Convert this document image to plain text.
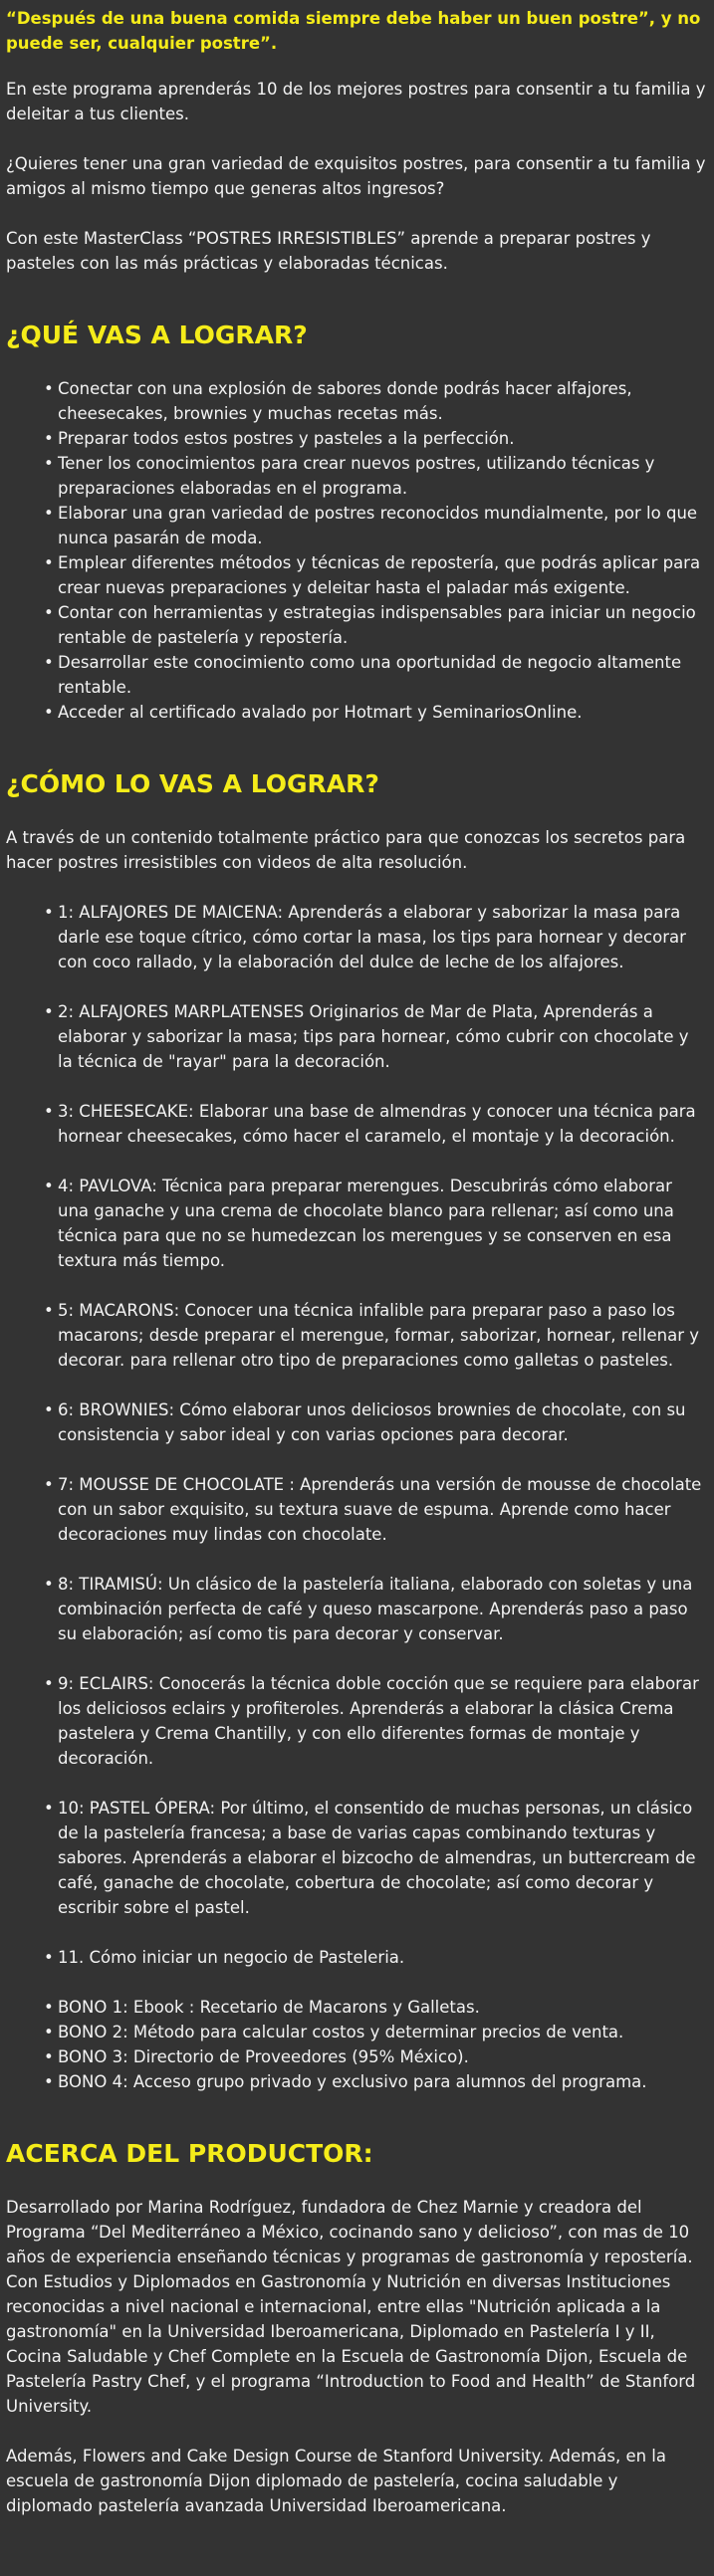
“Después de una buena comida siempre debe haber un buen postre”, y no puede ser, cualquier postre”.

En este programa aprenderás 10 de los mejores postres para consentir a tu familia y deleitar a tus clientes.

¿Quieres tener una gran variedad de exquisitos postres, para consentir a tu familia y amigos al mismo tiempo que generas altos ingresos?

Con este MasterClass “POSTRES IRRESISTIBLES” aprende a preparar postres y pasteles con las más prácticas y elaboradas técnicas.

¿QUÉ VAS A LOGRAR?
• Conectar con una explosión de sabores donde podrás hacer alfajores, cheesecakes, brownies y muchas recetas más.
• Preparar todos estos postres y pasteles a la perfección.
• Tener los conocimientos para crear nuevos postres, utilizando técnicas y preparaciones elaboradas en el programa.
• Elaborar una gran variedad de postres reconocidos mundialmente, por lo que nunca pasarán de moda.
• Emplear diferentes métodos y técnicas de repostería, que podrás aplicar para crear nuevas preparaciones y deleitar hasta el paladar más exigente.
• Contar con herramientas y estrategias indispensables para iniciar un negocio rentable de pastelería y repostería.
• Desarrollar este conocimiento como una oportunidad de negocio altamente rentable.
• Acceder al certificado avalado por Hotmart y SeminariosOnline.
¿CÓMO LO VAS A LOGRAR?

A través de un contenido totalmente práctico para que conozcas los secretos para hacer postres irresistibles con videos de alta resolución.

• 1: ALFAJORES DE MAICENA: Aprenderás a elaborar y saborizar la masa para darle ese toque cítrico, cómo cortar la masa, los tips para hornear y decorar con coco rallado, y la elaboración del dulce de leche de los alfajores.
• 2: ALFAJORES MARPLATENSES Originarios de Mar de Plata, Aprenderás a elaborar y saborizar la masa; tips para hornear, cómo cubrir con chocolate y la técnica de "rayar" para la decoración.
• 3: CHEESECAKE: Elaborar una base de almendras y conocer una técnica para hornear cheesecakes, cómo hacer el caramelo, el montaje y la decoración.
• 4: PAVLOVA: Técnica para preparar merengues. Descubrirás cómo elaborar una ganache y una crema de chocolate blanco para rellenar; así como una técnica para que no se humedezcan los merengues y se conserven en esa textura más tiempo.
• 5: MACARONS: Conocer una técnica infalible para preparar paso a paso los macarons; desde preparar el merengue, formar, saborizar, hornear, rellenar y decorar. para rellenar otro tipo de preparaciones como galletas o pasteles.
• 6: BROWNIES: Cómo elaborar unos deliciosos brownies de chocolate, con su consistencia y sabor ideal y con varias opciones para decorar.
• 7: MOUSSE DE CHOCOLATE : Aprenderás una versión de mousse de chocolate con un sabor exquisito, su textura suave de espuma. Aprende como hacer decoraciones muy lindas con chocolate.
• 8: TIRAMISÚ: Un clásico de la pastelería italiana, elaborado con soletas y una combinación perfecta de café y queso mascarpone. Aprenderás paso a paso su elaboración; así como tis para decorar y conservar.
• 9: ECLAIRS: Conocerás la técnica doble cocción que se requiere para elaborar los deliciosos eclairs y profiteroles. Aprenderás a elaborar la clásica Crema pastelera y Crema Chantilly, y con ello diferentes formas de montaje y decoración.
• 10: PASTEL ÓPERA: Por último, el consentido de muchas personas, un clásico de la pastelería francesa; a base de varias capas combinando texturas y sabores. Aprenderás a elaborar el bizcocho de almendras, un buttercream de café, ganache de chocolate, cobertura de chocolate; así como decorar y escribir sobre el pastel.
• 11. Cómo iniciar un negocio de Pasteleria.
• BONO 1: Ebook : Recetario de Macarons y Galletas.
• BONO 2: Método para calcular costos y determinar precios de venta.
• BONO 3: Directorio de Proveedores (95% México).
• BONO 4: Acceso grupo privado y exclusivo para alumnos del programa.
ACERCA DEL PRODUCTOR:

Desarrollado por Marina Rodríguez, fundadora de Chez Marnie y creadora del Programa “Del Mediterráneo a México, cocinando sano y delicioso”, con mas de 10 años de experiencia enseñando técnicas y programas de gastronomía y repostería. Con Estudios y Diplomados en Gastronomía y Nutrición en diversas Instituciones reconocidas a nivel nacional e internacional, entre ellas "Nutrición aplicada a la gastronomía" en la Universidad Iberoamericana, Diplomado en Pastelería I y II, Cocina Saludable y Chef Complete en la Escuela de Gastronomía Dijon, Escuela de Pastelería Pastry Chef, y el programa “Introduction to Food and Health” de Stanford University.

Además, Flowers and Cake Design Course de Stanford University. Además, en la escuela de gastronomía Dijon diplomado de pastelería, cocina saludable y diplomado pastelería avanzada Universidad Iberoamericana.
